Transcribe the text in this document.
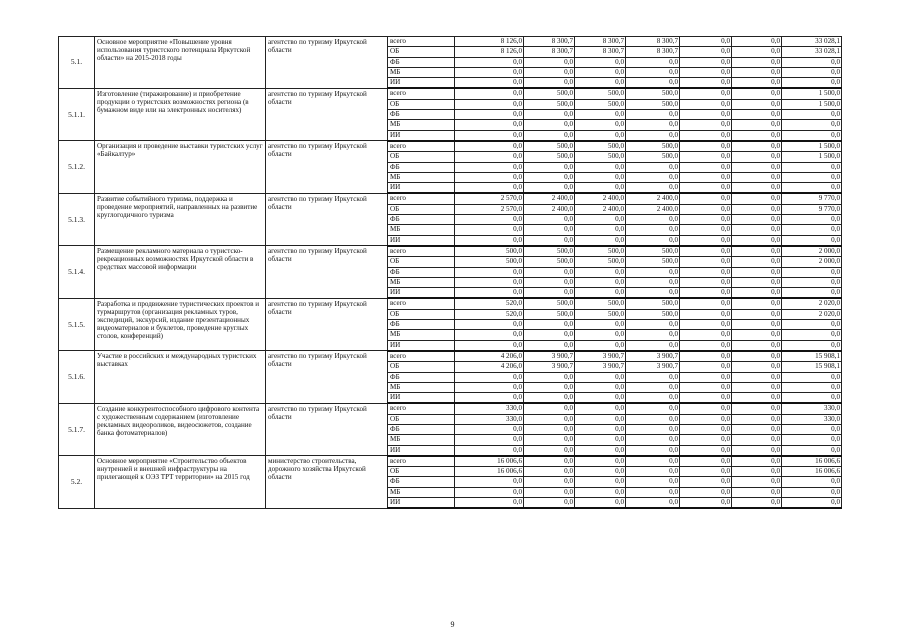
5.1.	Основное мероприятие «Повышение уровня использования туристского потенциала Иркутской области» на 2015-2018 годы	агентство по туризму Иркутской области	всего	8 126,0	8 300,7	8 300,7	8 300,7	0,0	0,0	33 028,1
			ОБ	8 126,0	8 300,7	8 300,7	8 300,7	0,0	0,0	33 028,1
			ФБ	0,0	0,0	0,0	0,0	0,0	0,0	0,0
			МБ	0,0	0,0	0,0	0,0	0,0	0,0	0,0
			ИИ	0,0	0,0	0,0	0,0	0,0	0,0	0,0
5.1.1.	Изготовление (тиражирование) и приобретение продукции о туристских возможностях региона (в бумажном виде или на электронных носителях)	агентство по туризму Иркутской области	всего	0,0	500,0	500,0	500,0	0,0	0,0	1 500,0
			ОБ	0,0	500,0	500,0	500,0	0,0	0,0	1 500,0
			ФБ	0,0	0,0	0,0	0,0	0,0	0,0	0,0
			МБ	0,0	0,0	0,0	0,0	0,0	0,0	0,0
			ИИ	0,0	0,0	0,0	0,0	0,0	0,0	0,0
5.1.2.	Организация и проведение выставки туристских услуг «Байкалтур»	агентство по туризму Иркутской области	всего	0,0	500,0	500,0	500,0	0,0	0,0	1 500,0
			ОБ	0,0	500,0	500,0	500,0	0,0	0,0	1 500,0
			ФБ	0,0	0,0	0,0	0,0	0,0	0,0	0,0
			МБ	0,0	0,0	0,0	0,0	0,0	0,0	0,0
			ИИ	0,0	0,0	0,0	0,0	0,0	0,0	0,0
5.1.3.	Развитие событийного туризма, поддержка и проведение мероприятий, направленных на развитие круглогодичного туризма	агентство по туризму Иркутской области	всего	2 570,0	2 400,0	2 400,0	2 400,0	0,0	0,0	9 770,0
			ОБ	2 570,0	2 400,0	2 400,0	2 400,0	0,0	0,0	9 770,0
			ФБ	0,0	0,0	0,0	0,0	0,0	0,0	0,0
			МБ	0,0	0,0	0,0	0,0	0,0	0,0	0,0
			ИИ	0,0	0,0	0,0	0,0	0,0	0,0	0,0
5.1.4.	Размещение рекламного материала о туристско-рекреационных возможностях Иркутской области в средствах массовой информации	агентство по туризму Иркутской области	всего	500,0	500,0	500,0	500,0	0,0	0,0	2 000,0
			ОБ	500,0	500,0	500,0	500,0	0,0	0,0	2 000,0
			ФБ	0,0	0,0	0,0	0,0	0,0	0,0	0,0
			МБ	0,0	0,0	0,0	0,0	0,0	0,0	0,0
			ИИ	0,0	0,0	0,0	0,0	0,0	0,0	0,0
5.1.5.	Разработка и продвижение туристических проектов и турмаршрутов (организация рекламных туров, экспедиций, экскурсий, издание презентационных видеоматериалов и буклетов, проведение круглых столов, конференций)	агентство по туризму Иркутской области	всего	520,0	500,0	500,0	500,0	0,0	0,0	2 020,0
			ОБ	520,0	500,0	500,0	500,0	0,0	0,0	2 020,0
			ФБ	0,0	0,0	0,0	0,0	0,0	0,0	0,0
			МБ	0,0	0,0	0,0	0,0	0,0	0,0	0,0
			ИИ	0,0	0,0	0,0	0,0	0,0	0,0	0,0
5.1.6.	Участие в российских и международных туристских выставках	агентство по туризму Иркутской области	всего	4 206,0	3 900,7	3 900,7	3 900,7	0,0	0,0	15 908,1
			ОБ	4 206,0	3 900,7	3 900,7	3 900,7	0,0	0,0	15 908,1
			ФБ	0,0	0,0	0,0	0,0	0,0	0,0	0,0
			МБ	0,0	0,0	0,0	0,0	0,0	0,0	0,0
			ИИ	0,0	0,0	0,0	0,0	0,0	0,0	0,0
5.1.7.	Создание конкурентоспособного цифрового контента с художественным содержанием (изготовление рекламных видеороликов, видеосюжетов, создание банка фотоматериалов)	агентство по туризму Иркутской области	всего	330,0	0,0	0,0	0,0	0,0	0,0	330,0
			ОБ	330,0	0,0	0,0	0,0	0,0	0,0	330,0
			ФБ	0,0	0,0	0,0	0,0	0,0	0,0	0,0
			МБ	0,0	0,0	0,0	0,0	0,0	0,0	0,0
			ИИ	0,0	0,0	0,0	0,0	0,0	0,0	0,0
5.2.	Основное мероприятие «Строительство объектов внутренней и внешней инфраструктуры на прилегающей к ОЭЗ ТРТ территории» на 2015 год	министерство строительства, дорожного хозяйства Иркутской области	всего	16 006,6	0,0	0,0	0,0	0,0	0,0	16 006,6
			ОБ	16 006,6	0,0	0,0	0,0	0,0	0,0	16 006,6
			ФБ	0,0	0,0	0,0	0,0	0,0	0,0	0,0
			МБ	0,0	0,0	0,0	0,0	0,0	0,0	0,0
			ИИ	0,0	0,0	0,0	0,0	0,0	0,0	0,0
9
